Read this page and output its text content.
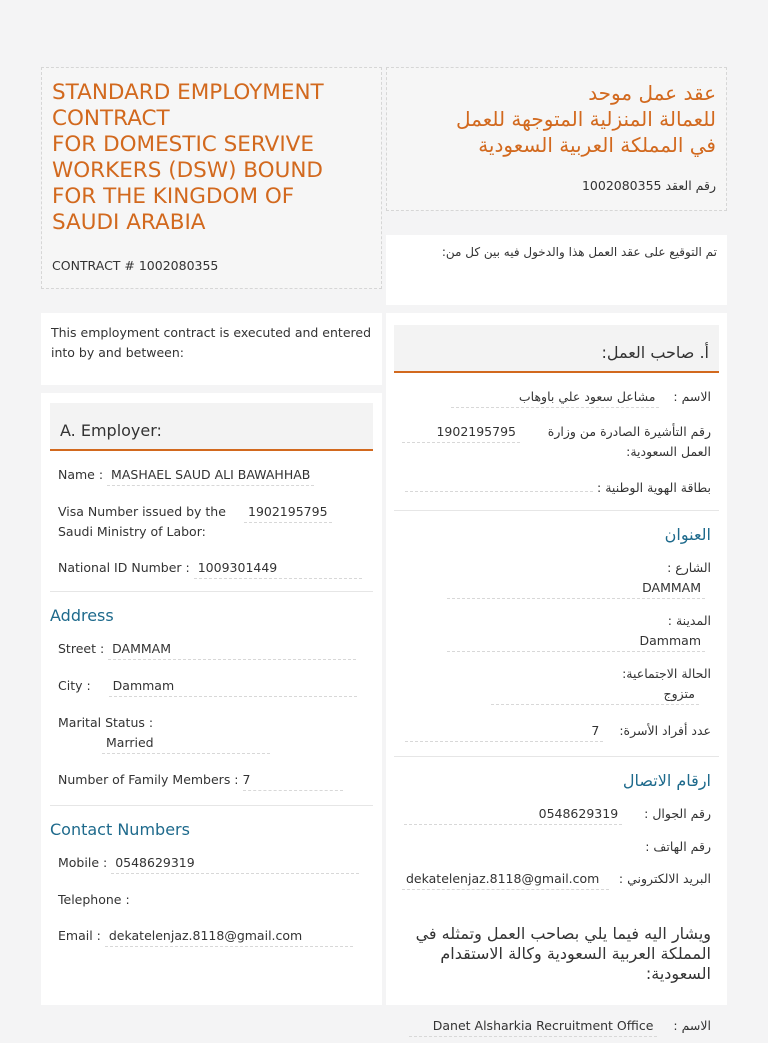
STANDARD EMPLOYMENT
CONTRACT
FOR DOMESTIC SERVIVE
WORKERS (DSW) BOUND
FOR THE KINGDOM OF
SAUDI ARABIA
CONTRACT # 1002080355
عقد عمل موحد
للعمالة المنزلية المتوجهة للعمل
في المملكة العربية السعودية
رقم العقد 1002080355
تم التوقيع على عقد العمل هذا والدخول فيه بين كل من:
This employment contract is executed and entered into by and between:
A. Employer:
Name : MASHAEL SAUD ALI BAWAHHAB
Visa Number issued by the Saudi Ministry of Labor:
1902195795
National ID Number : 1009301449
Address
Street : DAMMAM
City : Dammam
Marital Status : Married
Number of Family Members : 7
Contact Numbers
Mobile : 0548629319
Telephone :
Email : dekatelenjaz.8118@gmail.com
أ. صاحب العمل:
الاسم : مشاعل سعود علي باوهاب
رقم التأشيرة الصادرة من وزارة العمل السعودية:
1902195795
بطاقة الهوية الوطنية :
العنوان
الشارع : DAMMAM
المدينة : Dammam
الحالة الاجتماعية: متزوج
عدد أفراد الأسرة: 7
ارقام الاتصال
رقم الجوال : 0548629319
رقم الهاتف :
البريد الالكتروني :
dekatelenjaz.8118@gmail.com
ويشار اليه فيما يلي بصاحب العمل وتمثله في المملكة العربية السعودية وكالة الاستقدام السعودية:
الاسم : Danet Alsharkia Recruitment Office
